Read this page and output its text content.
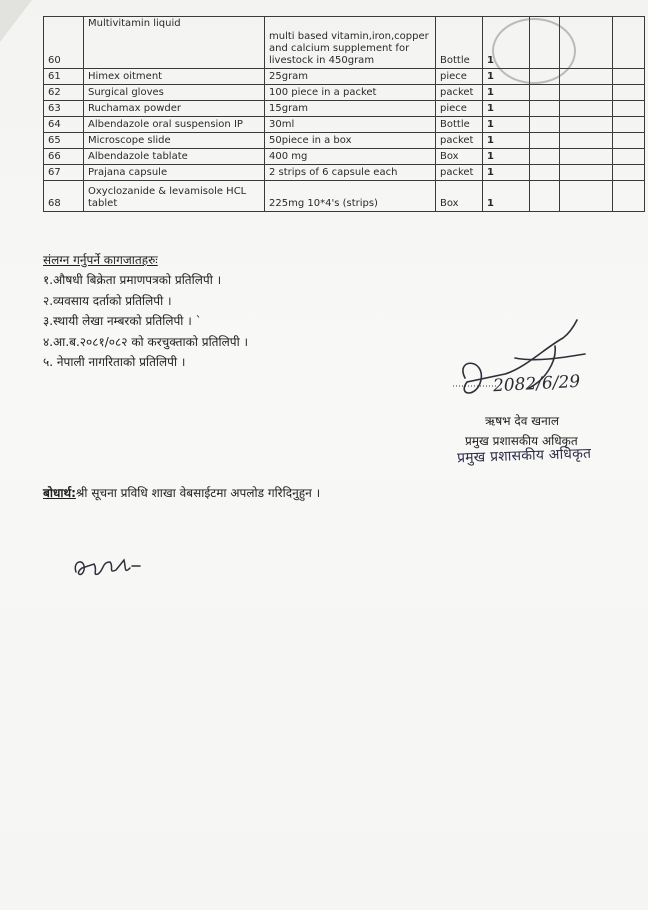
60	Multivitamin liquid	multi based vitamin,iron,copper and calcium supplement for livestock in 450gram	Bottle	1			
61	Himex oitment	25gram	piece	1			
62	Surgical gloves	100 piece in a packet	packet	1			
63	Ruchamax powder	15gram	piece	1			
64	Albendazole oral suspension IP	30ml	Bottle	1			
65	Microscope slide	50piece in a box	packet	1			
66	Albendazole tablate	400 mg	Box	1			
67	Prajana capsule	2 strips of 6 capsule each	packet	1			
68	Oxyclozanide & levamisole HCL tablet	225mg 10*4's (strips)	Box	1			
संलग्न गर्नुपर्ने कागजातहरुः
१.औषधी बिक्रेता प्रमाणपत्रको प्रतिलिपी ।
२.व्यवसाय दर्ताको प्रतिलिपी ।
३.स्थायी लेखा नम्बरको प्रतिलिपी । `
४.आ.ब.२०८१/०८२ को करचुक्ताको प्रतिलिपी ।
५. नेपाली नागरिताको प्रतिलिपी ।
2082/6/29
ऋषभ देव खनाल
प्रमुख प्रशासकीय अधिकृत
प्रमुख प्रशासकीय अधिकृत
बोधार्थ:श्री सूचना प्रविधि शाखा वेबसाईटमा अपलोड गरिदिनुहुन ।
